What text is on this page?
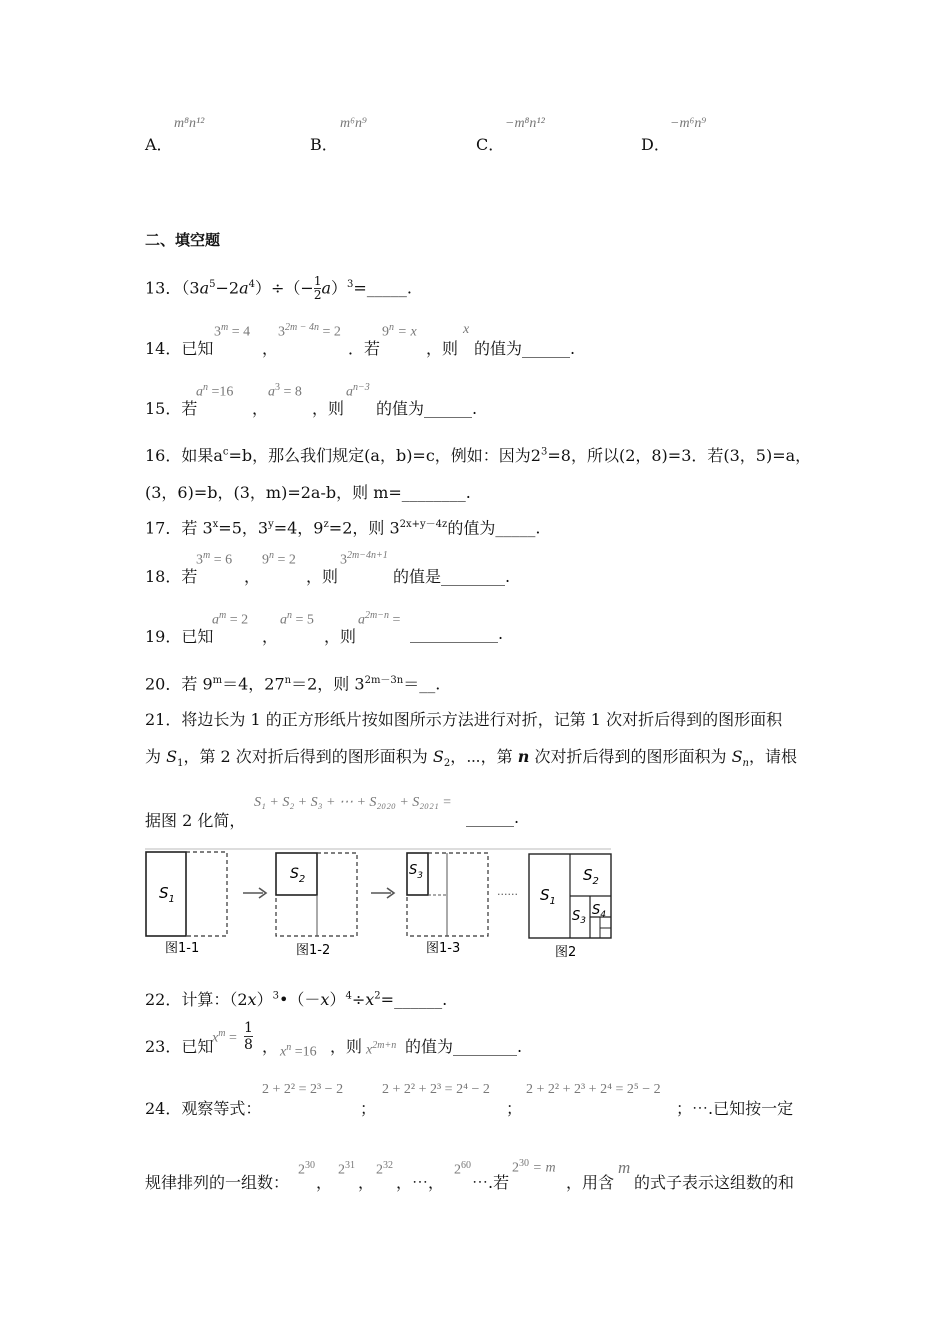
A．
m⁸n¹²
B．
m⁶n⁹
C．
−m⁸n¹²
D．
−m⁶n⁹
二、填空题
13．$(3a^5-2a^4)\div(- \frac{1}{2}$ $a)^3=\_\_\_\_\_$.
14．已知
$3^m = 4$
，
$3^{2m - 4n} = 2$
．若
$9^n = x$
，则
x
的值为______.
15．若
$a^n =16$
，
$a^3 = 8$
，则
$a^{n-3}$
的值为______.
16．如果$a^c=b$，那么我们规定(a，b)=c，例如：因为$2^3=8$，所以(2，8)=3．若(3，5)=a，
(3，6)=b，(3，m)=2a-b，则 m=________.
17．若 $3^x=5$，$3^y=4$，$9^z=2$，则 $3^{2x+y-4z}$的值为_____.
18．若
$3^m = 6$
，
$9^n = 2$
，则
$3^{2m-4n+1}$
的值是________.
19．已知
$a^m = 2$
，
$a^n = 5$
，则
$a^{2m-n}$ =
___________.
20．若 $9^m=4$，$27^n=2$，则 $3^{2m-3n}=\_\_$.
21．将边长为 1 的正方形纸片按如图所示方法进行对折，记第 1 次对折后得到的图形面积
为 $S_1$，第 2 次对折后得到的图形面积为 $S_2$，⋯，第 n 次对折后得到的图形面积为 $S_n$，请根
据图 2 化简，
S₁ + S₂ + S₃ + ⋯ + S₂₀₂₀ + S₂₀₂₁ =
______.
$S_1$
图1-1
$S_2$
图1-2
$S_3$
图1-3
...... $S_1$
$S_2$
$S_3$
$S_4$
图2
22．计算：$(2x)^3•(-x)^4\div x^2=\_\_\_\_\_\_$.
23．已知
$x^m = \frac{1}{8}$ ， $x^n =16$ ，则 $x^{2m+n}$ 的值为________.
24．观察等式：
2 + 2² = 2³ − 2
；
2 + 2² + 2³ = 2⁴ − 2
；
2 + 2² + 2³ + 2⁴ = 2⁵ − 2
；⋯.已知按一定
规律排列的一组数：
$2^{30}$
，
$2^{31}$
，
$2^{32}$
，⋯，
$2^{60}$
⋯.若
$2^{30} = m$
，用含
m
的式子表示这组数的和
